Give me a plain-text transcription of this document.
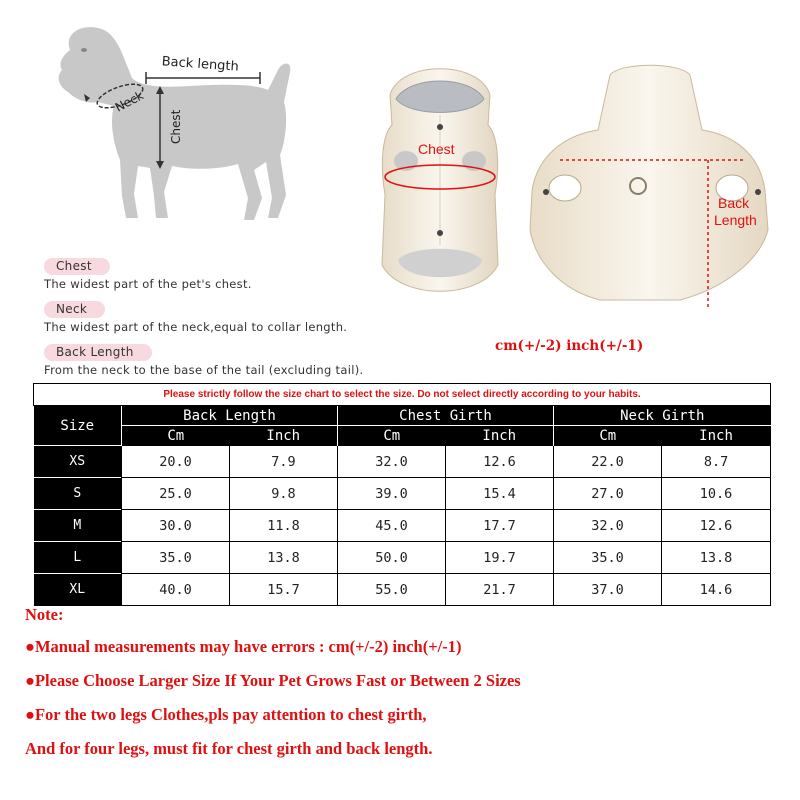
Back length
Neck
Chest
Chest
The widest part of the pet's chest.
Neck
The widest part of the neck,equal to collar length.
Back Length
From the neck to the base of the tail (excluding tail).
Chest
Back
Length
cm(+/-2) inch(+/-1)
Please strictly follow the size chart to select the size. Do not select directly according to your habits.						
Size	Back Length		Chest Girth		Neck Girth	
	Cm	Inch	Cm	Inch	Cm	Inch
XS	20.0	7.9	32.0	12.6	22.0	8.7
S	25.0	9.8	39.0	15.4	27.0	10.6
M	30.0	11.8	45.0	17.7	32.0	12.6
L	35.0	13.8	50.0	19.7	35.0	13.8
XL	40.0	15.7	55.0	21.7	37.0	14.6
Note:
●Manual measurements may have errors : cm(+/-2) inch(+/-1)
●Please Choose Larger Size If Your Pet Grows Fast or Between 2 Sizes
●For the two legs Clothes,pls pay attention to chest girth,
And for four legs, must fit for chest girth and back length.
